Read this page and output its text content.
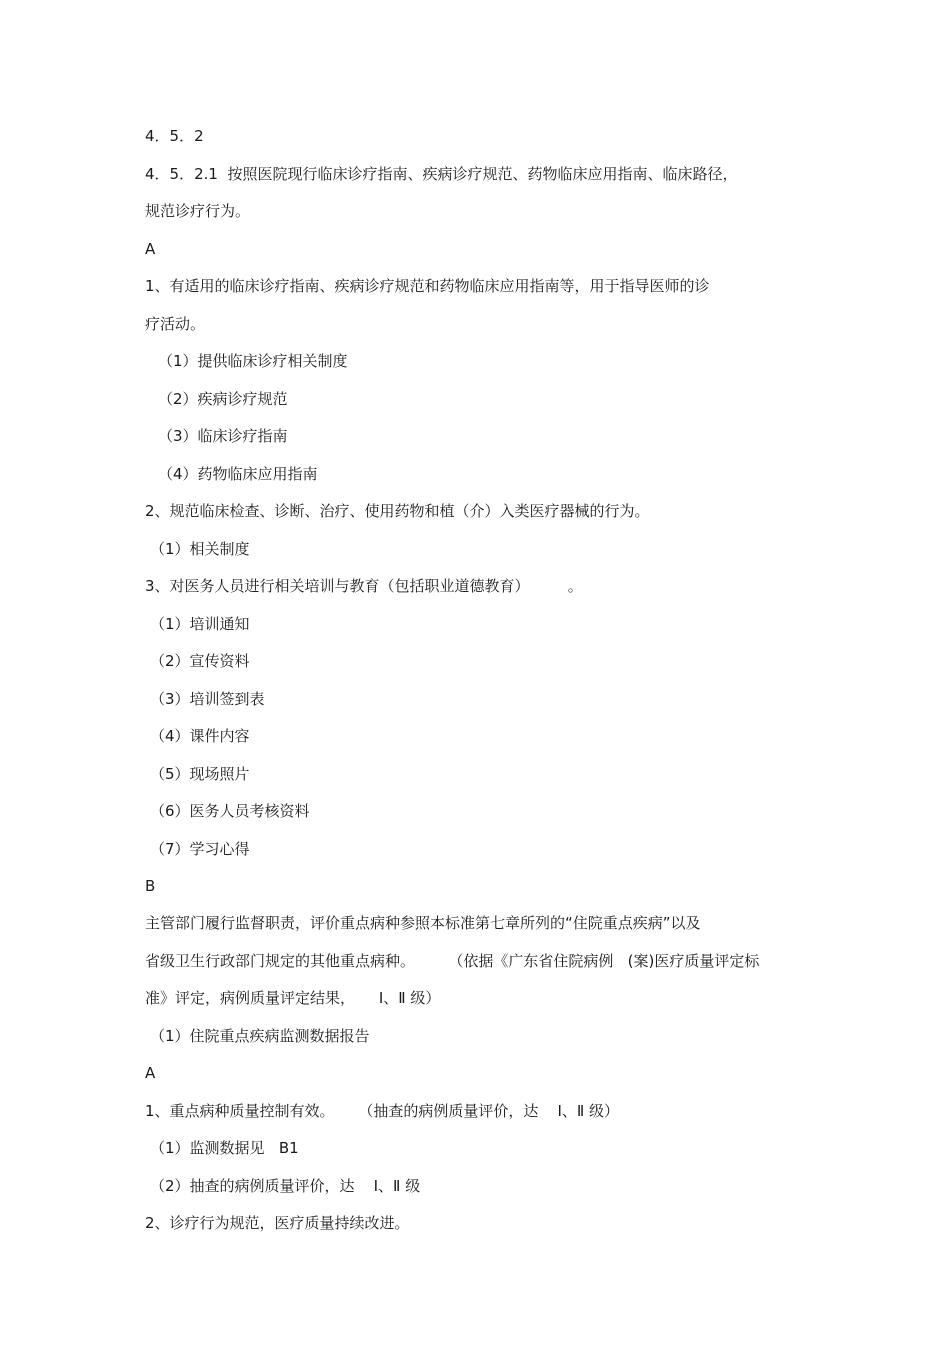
4．5．2
4．5．2.1  按照医院现行临床诊疗指南、疾病诊疗规范、药物临床应用指南、临床路径，
规范诊疗行为。
A
1、有适用的临床诊疗指南、疾病诊疗规范和药物临床应用指南等，用于指导医师的诊
疗活动。
（1）提供临床诊疗相关制度
（2）疾病诊疗规范
（3）临床诊疗指南
（4）药物临床应用指南
2、规范临床检查、诊断、治疗、使用药物和植（介）入类医疗器械的行为。
（1）相关制度
3、对医务人员进行相关培训与教育（包括职业道德教育）        。
（1）培训通知
（2）宣传资料
（3）培训签到表
（4）课件内容
（5）现场照片
（6）医务人员考核资料
（7）学习心得
B
主管部门履行监督职责，评价重点病种参照本标准第七章所列的“住院重点疾病”以及
省级卫生行政部门规定的其他重点病种。       （依据《广东省住院病例   (案)医疗质量评定标
准》评定，病例质量评定结果，     Ⅰ、Ⅱ 级）
（1）住院重点疾病监测数据报告
A
1、重点病种质量控制有效。     （抽查的病例质量评价，达    Ⅰ、Ⅱ 级）
（1）监测数据见   B1
（2）抽查的病例质量评价，达    Ⅰ、Ⅱ 级
2、诊疗行为规范，医疗质量持续改进。
